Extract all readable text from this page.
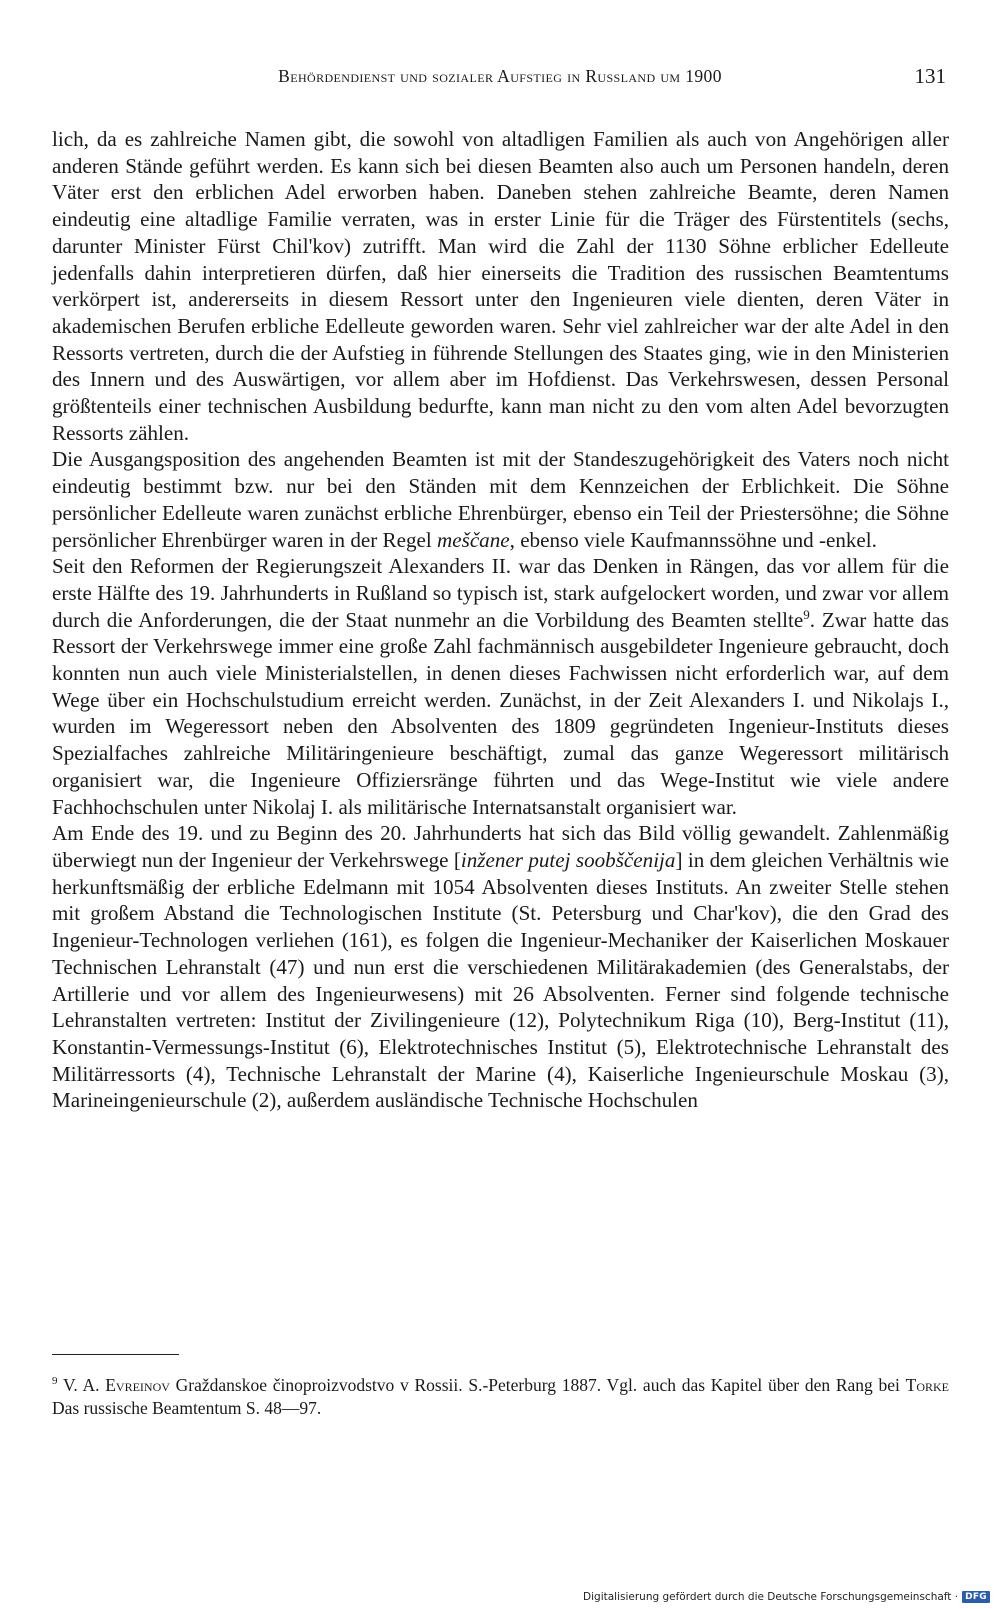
Behördendienst und sozialer Aufstieg in Russland um 1900	131

lich, da es zahlreiche Namen gibt, die sowohl von altadligen Familien als auch von Angehörigen aller anderen Stände geführt werden. Es kann sich bei diesen Beamten also auch um Personen handeln, deren Väter erst den erblichen Adel erworben haben. Daneben stehen zahlreiche Beamte, deren Namen eindeutig eine altadlige Familie verraten, was in erster Linie für die Träger des Fürstentitels (sechs, darunter Minister Fürst Chil'kov) zutrifft. Man wird die Zahl der 1130 Söhne erblicher Edelleute jedenfalls dahin interpretieren dürfen, daß hier einerseits die Tradition des russischen Beamtentums verkörpert ist, andererseits in diesem Ressort unter den Ingenieuren viele dienten, deren Väter in akademischen Berufen erbliche Edelleute geworden waren. Sehr viel zahlreicher war der alte Adel in den Ressorts vertreten, durch die der Aufstieg in führende Stellungen des Staates ging, wie in den Ministerien des Innern und des Auswärtigen, vor allem aber im Hofdienst. Das Verkehrswesen, dessen Personal größtenteils einer technischen Ausbildung bedurfte, kann man nicht zu den vom alten Adel bevorzugten Ressorts zählen.

Die Ausgangsposition des angehenden Beamten ist mit der Standeszugehörigkeit des Vaters noch nicht eindeutig bestimmt bzw. nur bei den Ständen mit dem Kennzeichen der Erblichkeit. Die Söhne persönlicher Edelleute waren zunächst erbliche Ehrenbürger, ebenso ein Teil der Priestersöhne; die Söhne persönlicher Ehrenbürger waren in der Regel meščane, ebenso viele Kaufmannssöhne und -enkel.

Seit den Reformen der Regierungszeit Alexanders II. war das Denken in Rängen, das vor allem für die erste Hälfte des 19. Jahrhunderts in Rußland so typisch ist, stark aufgelockert worden, und zwar vor allem durch die Anforderungen, die der Staat nunmehr an die Vorbildung des Beamten stellte$^9$. Zwar hatte das Ressort der Verkehrswege immer eine große Zahl fachmännisch ausgebildeter Ingenieure gebraucht, doch konnten nun auch viele Ministerialstellen, in denen dieses Fachwissen nicht erforderlich war, auf dem Wege über ein Hochschulstudium erreicht werden. Zunächst, in der Zeit Alexanders I. und Nikolajs I., wurden im Wegeressort neben den Absolventen des 1809 gegründeten Ingenieur-Instituts dieses Spezialfaches zahlreiche Militäringenieure beschäftigt, zumal das ganze Wegeressort militärisch organisiert war, die Ingenieure Offiziersränge führten und das Wege-Institut wie viele andere Fachhochschulen unter Nikolaj I. als militärische Internatsanstalt organisiert war.

Am Ende des 19. und zu Beginn des 20. Jahrhunderts hat sich das Bild völlig gewandelt. Zahlenmäßig überwiegt nun der Ingenieur der Verkehrswege [inžener putej soobščenija] in dem gleichen Verhältnis wie herkunftsmäßig der erbliche Edelmann mit 1054 Absolventen dieses Instituts. An zweiter Stelle stehen mit großem Abstand die Technologischen Institute (St. Petersburg und Char'kov), die den Grad des Ingenieur-Technologen verliehen (161), es folgen die Ingenieur-Mechaniker der Kaiserlichen Moskauer Technischen Lehranstalt (47) und nun erst die verschiedenen Militärakademien (des Generalstabs, der Artillerie und vor allem des Ingenieurwesens) mit 26 Absolventen. Ferner sind folgende technische Lehranstalten vertreten: Institut der Zivilingenieure (12), Polytechnikum Riga (10), Berg-Institut (11), Konstantin-Vermessungs-Institut (6), Elektrotechnisches Institut (5), Elektrotechnische Lehranstalt des Militärressorts (4), Technische Lehranstalt der Marine (4), Kaiserliche Ingenieurschule Moskau (3), Marineingenieurschule (2), außerdem ausländische Technische Hochschulen

$^9$ V. A. Evreinov Graždanskoe činoproizvodstvo v Rossii. S.-Peterburg 1887. Vgl. auch das Kapitel über den Rang bei Torke Das russische Beamtentum S. 48—97.

Digitalisierung gefördert durch die Deutsche Forschungsgemeinschaft · DFG
